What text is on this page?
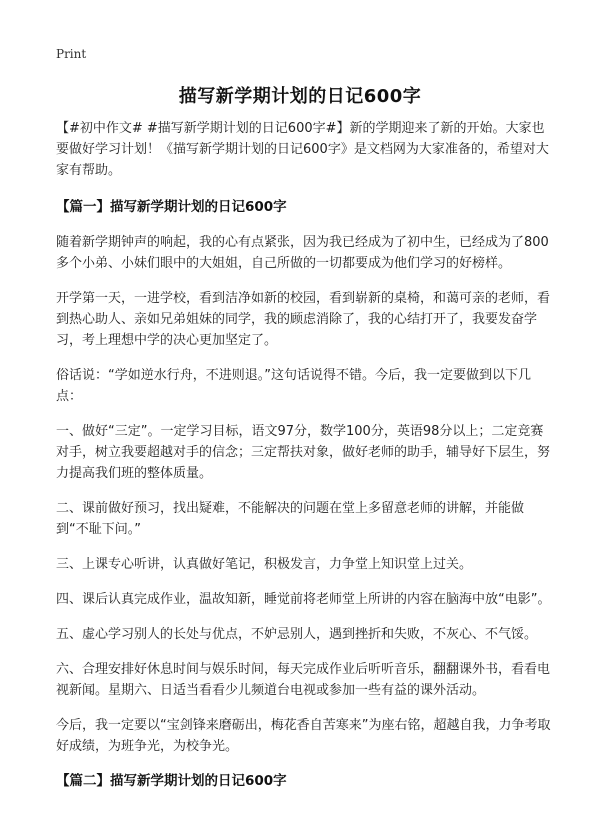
Print
描写新学期计划的日记600字

【#初中作文# #描写新学期计划的日记600字#】新的学期迎来了新的开始。大家也要做好学习计划！《描写新学期计划的日记600字》是文档网为大家准备的，希望对大家有帮助。

【篇一】描写新学期计划的日记600字

随着新学期钟声的响起，我的心有点紧张，因为我已经成为了初中生，已经成为了800多个小弟、小妹们眼中的大姐姐，自己所做的一切都要成为他们学习的好榜样。

开学第一天，一进学校，看到洁净如新的校园，看到崭新的桌椅，和蔼可亲的老师，看到热心助人、亲如兄弟姐妹的同学，我的顾虑消除了，我的心结打开了，我要发奋学习，考上理想中学的决心更加坚定了。

俗话说：“学如逆水行舟，不进则退。”这句话说得不错。今后，我一定要做到以下几点：

一、做好“三定”。一定学习目标，语文97分，数学100分，英语98分以上；二定竞赛对手，树立我要超越对手的信念；三定帮扶对象，做好老师的助手，辅导好下层生，努力提高我们班的整体质量。

二、课前做好预习，找出疑难，不能解决的问题在堂上多留意老师的讲解，并能做到“不耻下问。”

三、上课专心听讲，认真做好笔记，积极发言，力争堂上知识堂上过关。

四、课后认真完成作业，温故知新，睡觉前将老师堂上所讲的内容在脑海中放“电影”。

五、虚心学习别人的长处与优点，不妒忌别人，遇到挫折和失败，不灰心、不气馁。

六、合理安排好休息时间与娱乐时间，每天完成作业后听听音乐，翻翻课外书，看看电视新闻。星期六、日适当看看少儿频道台电视或参加一些有益的课外活动。

今后，我一定要以“宝剑锋来磨砺出，梅花香自苦寒来”为座右铭，超越自我，力争考取好成绩，为班争光，为校争光。

【篇二】描写新学期计划的日记600字
